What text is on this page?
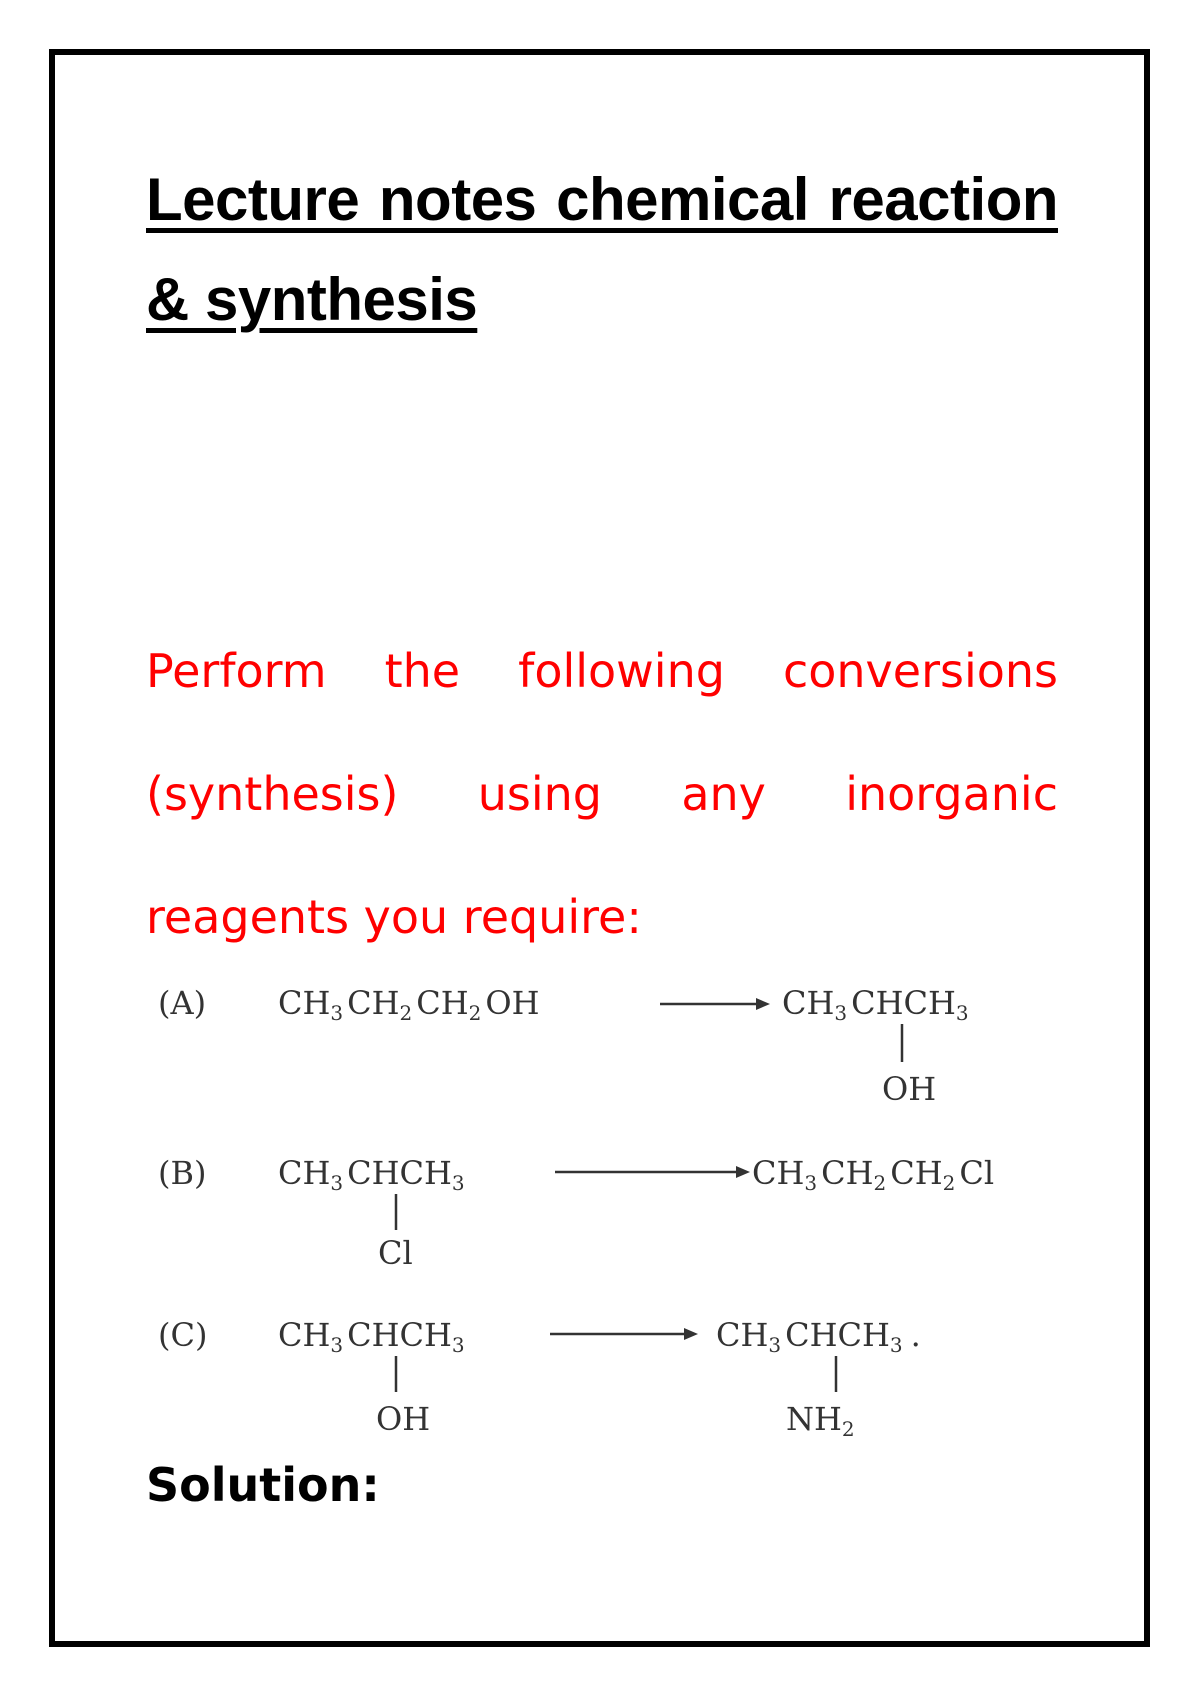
Lecture notes chemical reaction & synthesis
Perform the following conversions (synthesis) using any inorganic reagents you require:
(A) CH3 CH2 CH2 OH	CH3 CHCH3
OH
(B) CH3 CHCH3
Cl
CH3 CH2 CH2 Cl
(C) CH3 CHCH3
OH
CH3 CHCH3 .
NH2
Solution:
